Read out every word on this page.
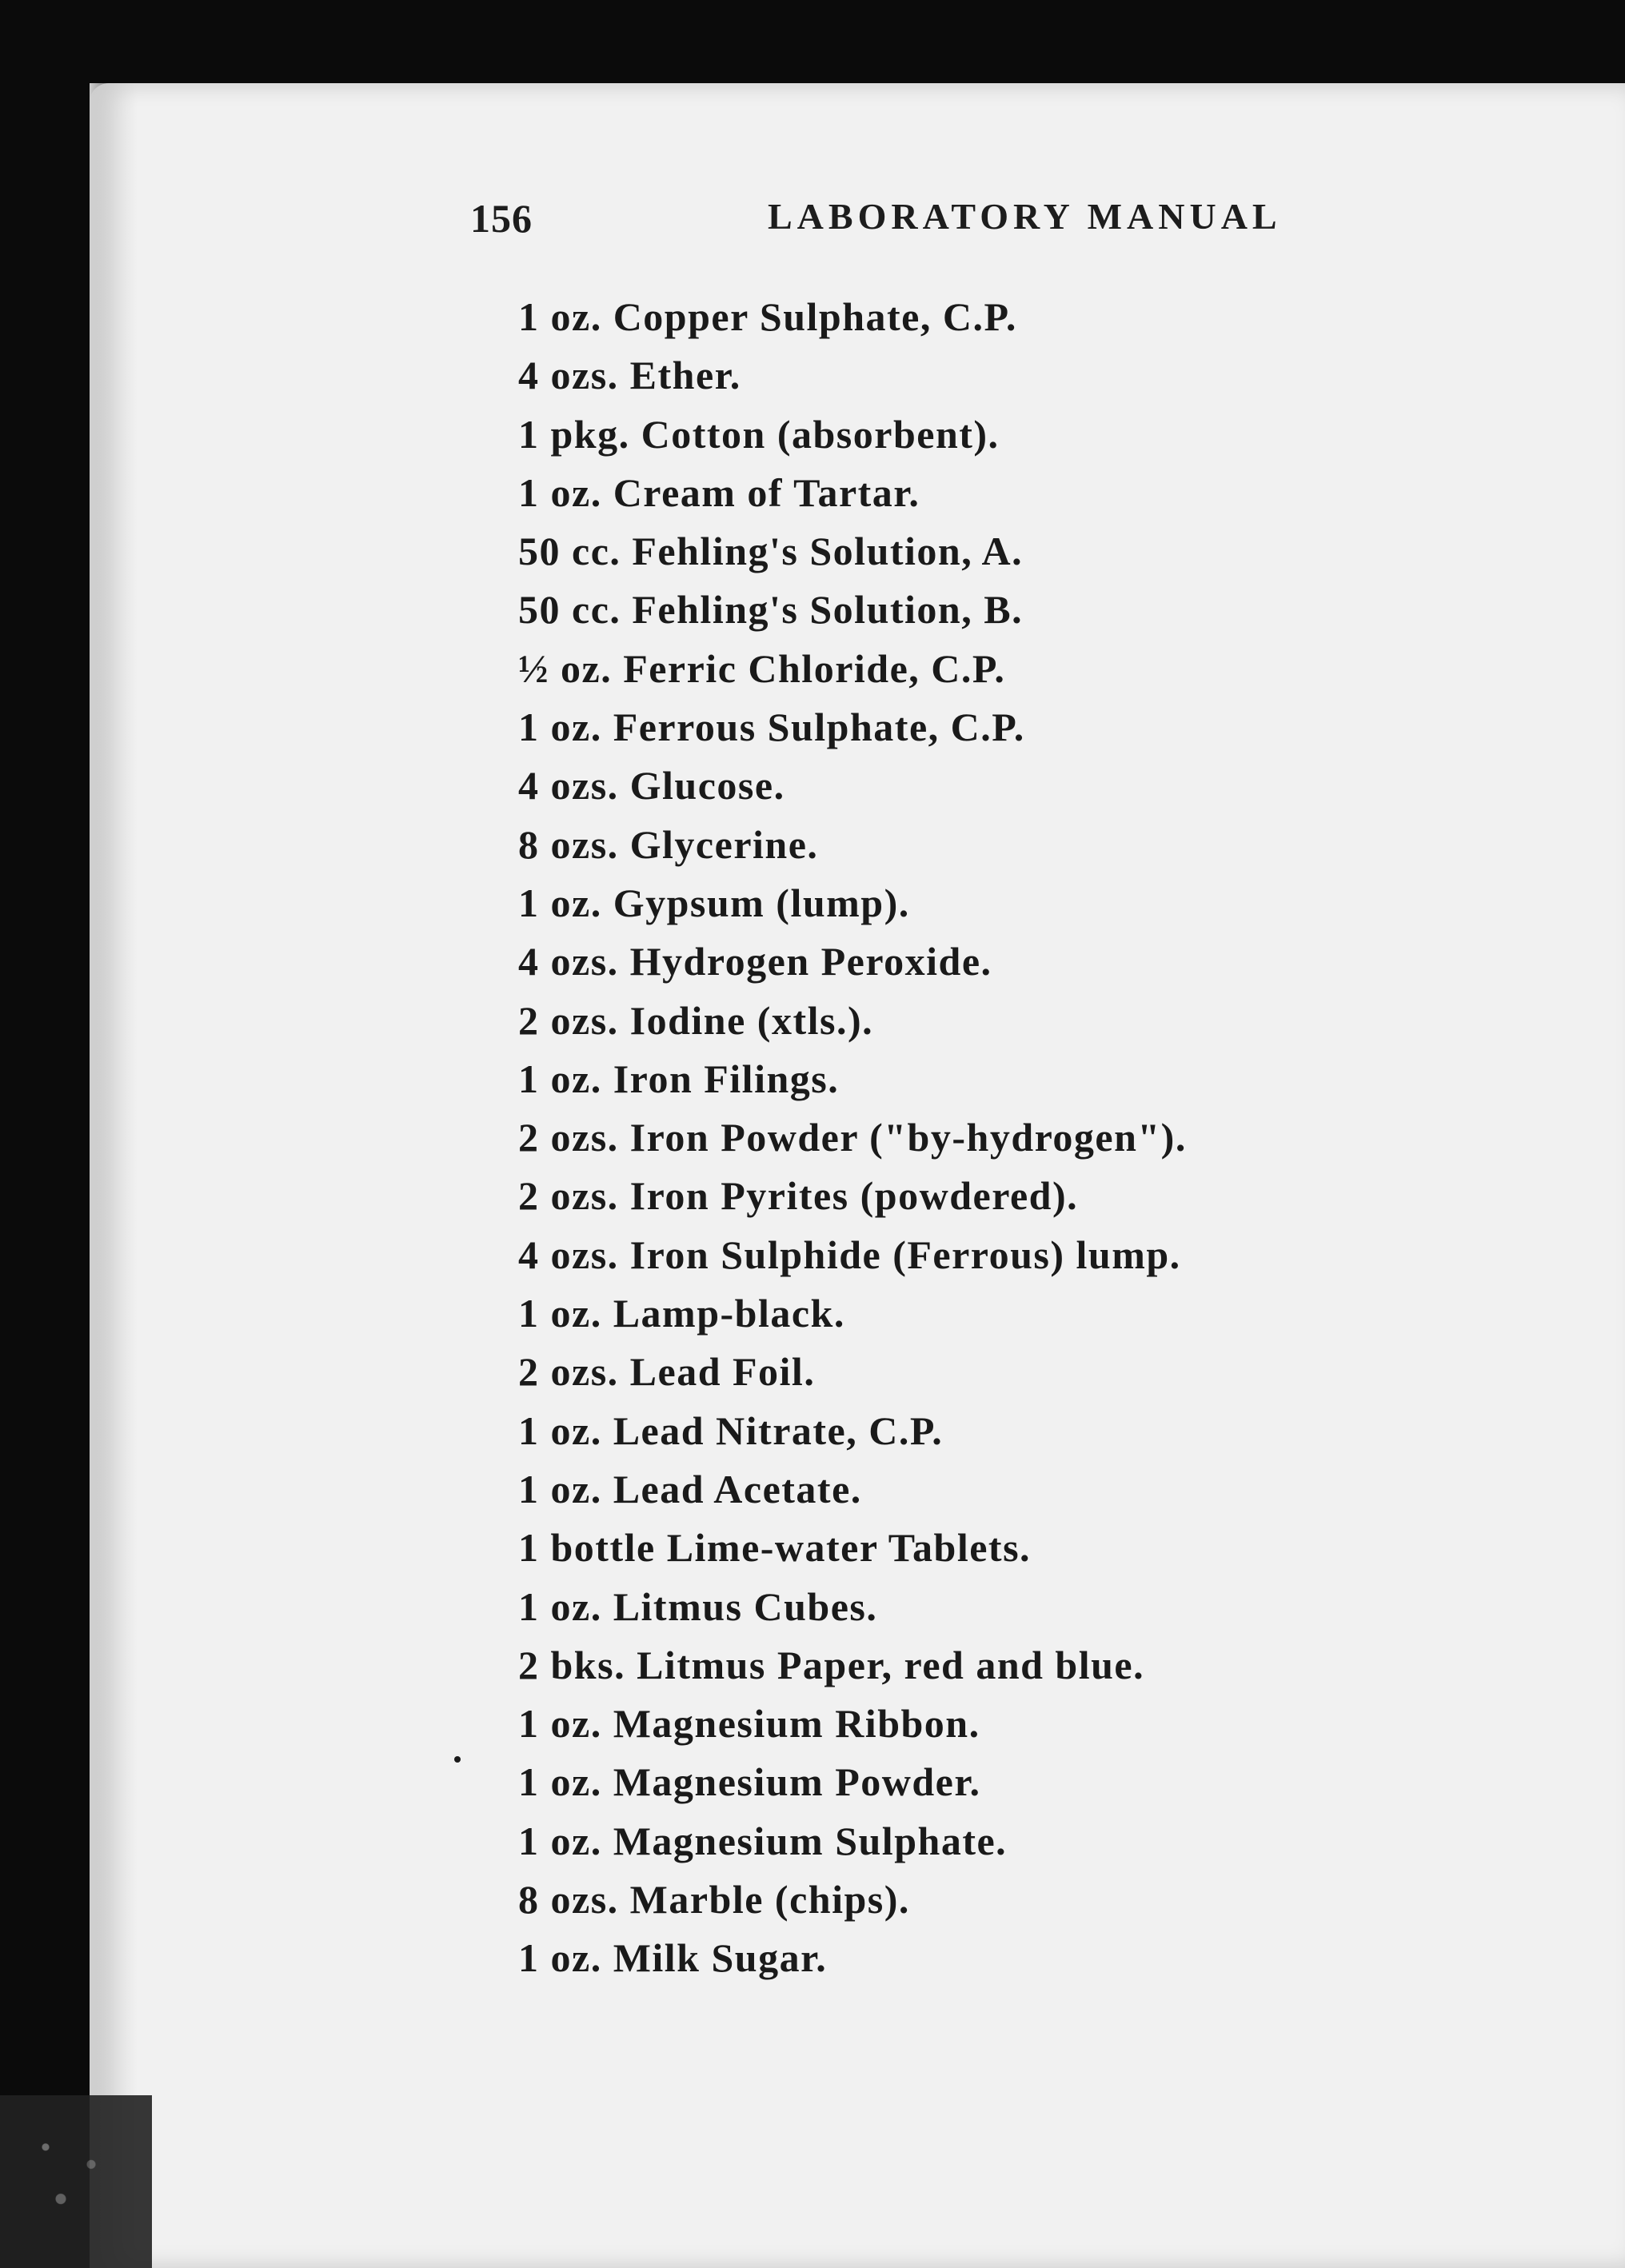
156	LABORATORY MANUAL
1 oz. Copper Sulphate, C.P.
4 ozs. Ether.
1 pkg. Cotton (absorbent).
1 oz. Cream of Tartar.
50 cc. Fehling's Solution, A.
50 cc. Fehling's Solution, B.
½ oz. Ferric Chloride, C.P.
1 oz. Ferrous Sulphate, C.P.
4 ozs. Glucose.
8 ozs. Glycerine.
1 oz. Gypsum (lump).
4 ozs. Hydrogen Peroxide.
2 ozs. Iodine (xtls.).
1 oz. Iron Filings.
2 ozs. Iron Powder ("by-hydrogen").
2 ozs. Iron Pyrites (powdered).
4 ozs. Iron Sulphide (Ferrous) lump.
1 oz. Lamp-black.
2 ozs. Lead Foil.
1 oz. Lead Nitrate, C.P.
1 oz. Lead Acetate.
1 bottle Lime-water Tablets.
1 oz. Litmus Cubes.
2 bks. Litmus Paper, red and blue.
1 oz. Magnesium Ribbon.
1 oz. Magnesium Powder.
1 oz. Magnesium Sulphate.
8 ozs. Marble (chips).
1 oz. Milk Sugar.
